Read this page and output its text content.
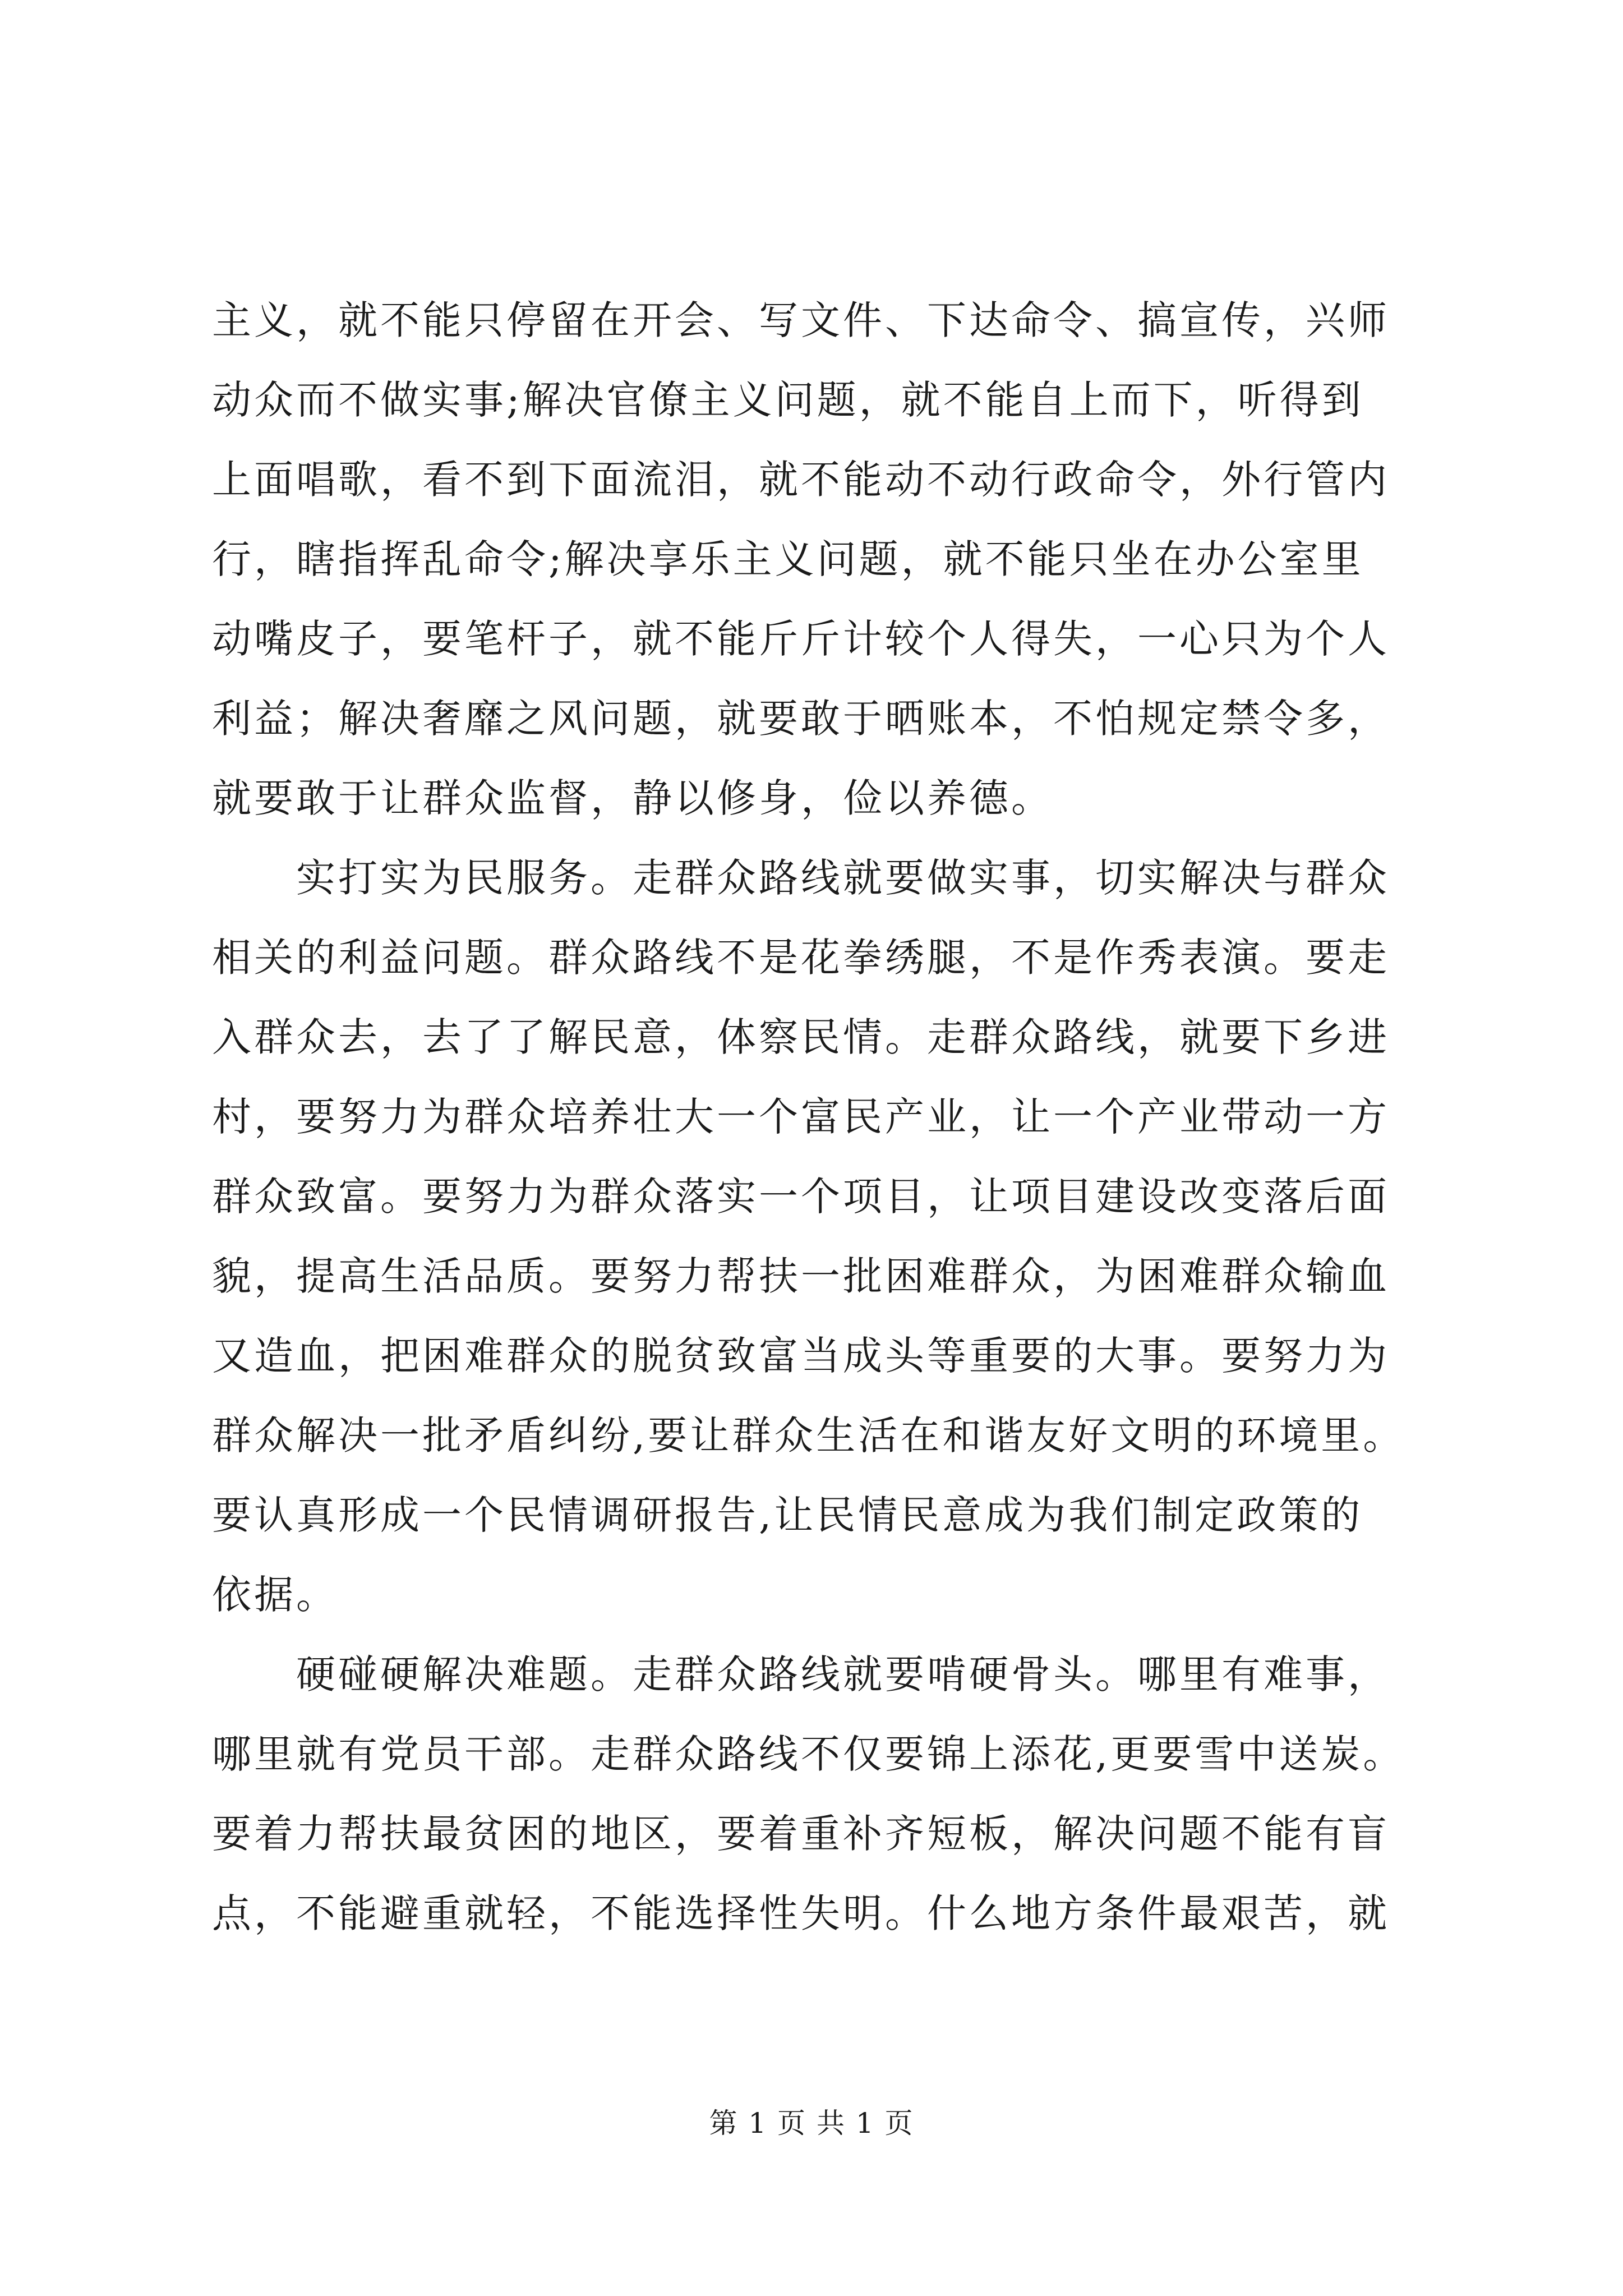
主义，就不能只停留在开会、写文件、下达命令、搞宣传，兴师
动众而不做实事;解决官僚主义问题，就不能自上而下，听得到
上面唱歌，看不到下面流泪，就不能动不动行政命令，外行管内
行，瞎指挥乱命令;解决享乐主义问题，就不能只坐在办公室里
动嘴皮子，要笔杆子，就不能斤斤计较个人得失，一心只为个人
利益；解决奢靡之风问题，就要敢于晒账本，不怕规定禁令多，
就要敢于让群众监督，静以修身，俭以养德。
　　实打实为民服务。走群众路线就要做实事，切实解决与群众
相关的利益问题。群众路线不是花拳绣腿，不是作秀表演。要走
入群众去，去了了解民意，体察民情。走群众路线，就要下乡进
村，要努力为群众培养壮大一个富民产业，让一个产业带动一方
群众致富。要努力为群众落实一个项目，让项目建设改变落后面
貌，提高生活品质。要努力帮扶一批困难群众，为困难群众输血
又造血，把困难群众的脱贫致富当成头等重要的大事。要努力为
群众解决一批矛盾纠纷,要让群众生活在和谐友好文明的环境里。
要认真形成一个民情调研报告,让民情民意成为我们制定政策的
依据。
　　硬碰硬解决难题。走群众路线就要啃硬骨头。哪里有难事，
哪里就有党员干部。走群众路线不仅要锦上添花,更要雪中送炭。
要着力帮扶最贫困的地区，要着重补齐短板，解决问题不能有盲
点，不能避重就轻，不能选择性失明。什么地方条件最艰苦，就
第 1 页 共 1 页
